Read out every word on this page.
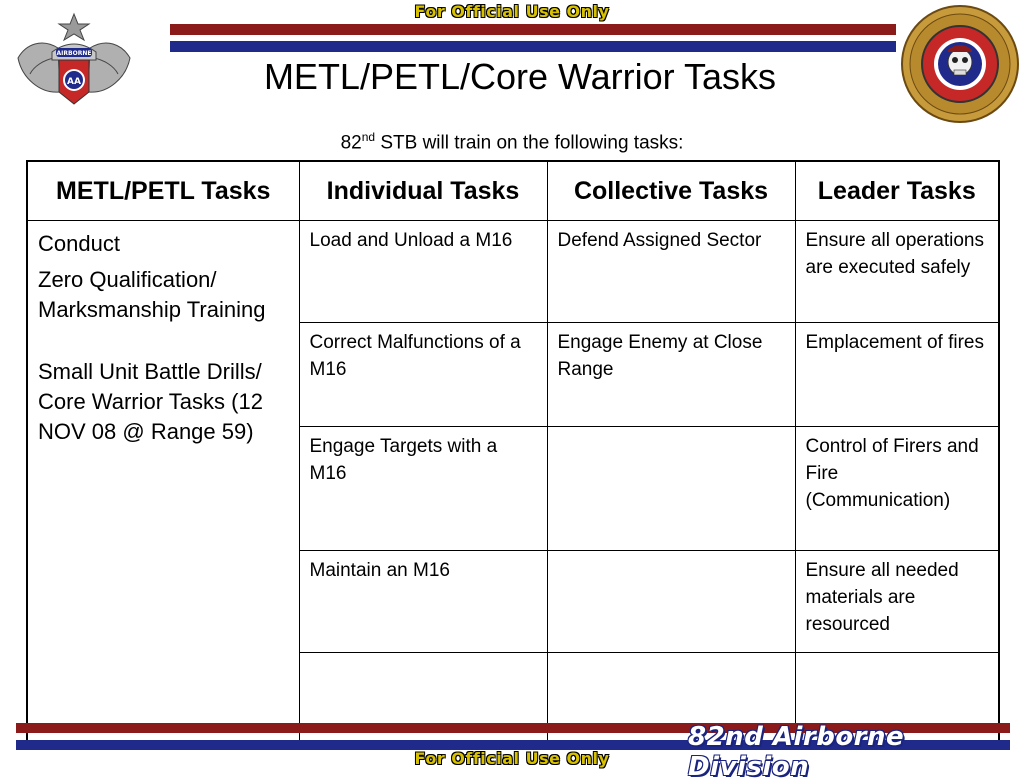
For Official Use Only
AIRBORNE
AA	METL/PETL/Core Warrior Tasks
82nd STB will train on the following tasks:
METL/PETL Tasks	Individual Tasks	Collective Tasks	Leader Tasks

Conduct

Zero Qualification/ Marksmanship Training

Small Unit Battle Drills/ Core Warrior Tasks (12 NOV 08 @ Range 59)	Load and Unload a M16	Defend Assigned Sector	Ensure all operations are executed safely
	Correct Malfunctions of a M16	Engage Enemy at Close Range	Emplacement of fires
	Engage Targets with a M16		Control of Firers and Fire (Communication)
	Maintain an M16		Ensure all needed materials are resourced

82nd Airborne Division
For Official Use Only
